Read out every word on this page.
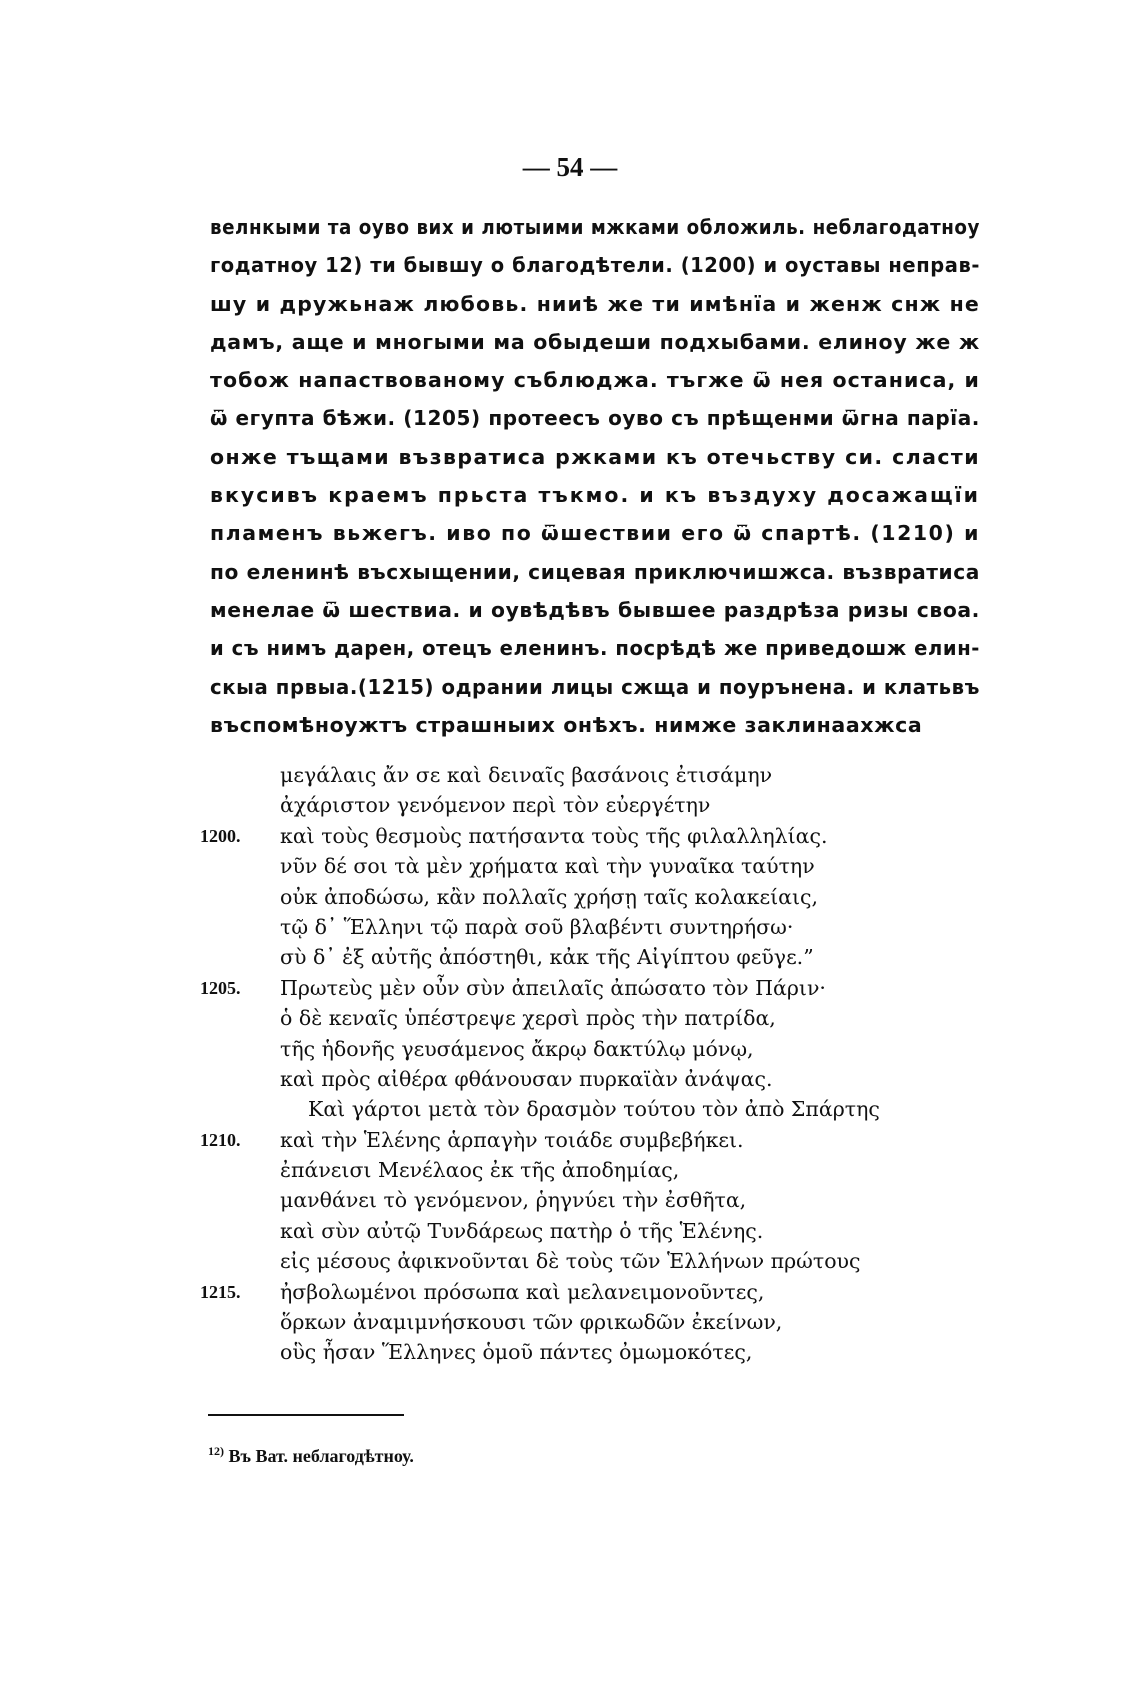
— 54 —
велнкыми та оуво вих и лютыими мжками обложиль. неблагодатноу
годатноу 12) ти бывшу о благодѣтели. (1200) и оуставы неправ-
шу и дружьнаж любовь. нииѣ же ти имѣнїа и женж снж не
дамъ, аще и многыми ма обыдеши подхыбами. елиноу же ж
тобож напаствованому съблюджа. тъгже ѿ нея останиса, и
ѿ егупта бѣжи. (1205) протеесъ оуво съ прѣщенми ѿгна парїа.
онже тъщами възвратиса ржками къ отечьству си. сласти
вкусивъ краемъ прьста тъкмо. и къ въздуху досажащїи
пламенъ вьжегъ. иво по ѿшествии его ѿ спартѣ. (1210) и
по еленинѣ въсхыщении, сицевая приключишжса. възвратиса
менелае ѿ шествиа. и оувѣдѣвъ бывшее раздрѣза ризы своа.
и съ нимъ дарен, отецъ еленинъ. посрѣдѣ же приведошж елин-
скыа првыа.(1215) одрании лицы сжща и поурънена. и клатьвъ
въспомѣноужтъ страшныих онѣхъ. нимже заклинаахжса
μεγάλαις ἄν σε καὶ δειναῖς βασάνοις ἐτισάμην
ἀχάριστον γενόμενον περὶ τὸν εὐεργέτην
1200. καὶ τοὺς θεσμοὺς πατήσαντα τοὺς τῆς φιλαλληλίας.
νῦν δέ σοι τὰ μὲν χρήματα καὶ τὴν γυναῖκα ταύτην
οὐκ ἀποδώσω, κἂν πολλαῖς χρήσῃ ταῖς κολακείαις,
τῷ δ᾽ Ἕλληνι τῷ παρὰ σοῦ βλαβέντι συντηρήσω·
σὺ δ᾽ ἐξ αὐτῆς ἀπόστηθι, κἀκ τῆς Αἰγίπτου φεῦγε.”
1205. Πρωτεὺς μὲν οὖν σὺν ἀπειλαῖς ἀπώσατο τὸν Πάριν·
ὁ δὲ κεναῖς ὑπέστρεψε χερσὶ πρὸς τὴν πατρίδα,
τῆς ἡδονῆς γευσάμενος ἄκρῳ δακτύλῳ μόνῳ,
καὶ πρὸς αἰθέρα φθάνουσαν πυρκαϊὰν ἀνάψας.
Καὶ γάρτοι μετὰ τὸν δρασμὸν τούτου τὸν ἀπὸ Σπάρτης
1210. καὶ τὴν Ἑλένης ἁρπαγὴν τοιάδε συμβεβήκει.
ἐπάνεισι Μενέλαος ἐκ τῆς ἀποδημίας,
μανθάνει τὸ γενόμενον, ῥηγνύει τὴν ἐσθῆτα,
καὶ σὺν αὐτῷ Τυνδάρεως πατὴρ ὁ τῆς Ἑλένης.
εἰς μέσους ἀφικνοῦνται δὲ τοὺς τῶν Ἑλλήνων πρώτους
1215. ἠσβολωμένοι πρόσωπα καὶ μελανειμονοῦντες,
ὅρκων ἀναμιμνήσκουσι τῶν φρικωδῶν ἐκείνων,
οὓς ἦσαν Ἕλληνες ὁμοῦ πάντες ὀμωμοκότες,
$^{12)}$ Въ Ват. неблагодѣтноу.
